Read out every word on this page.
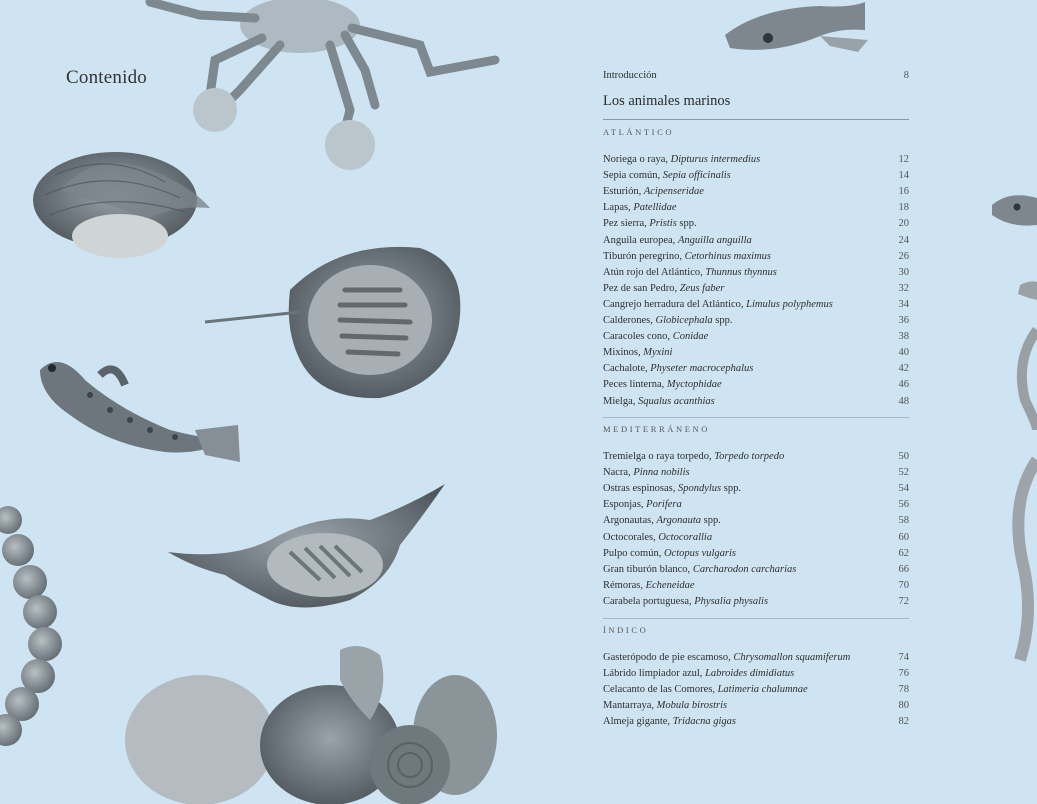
Contenido	Introducción	8
Los animales marinos
ATLÁNTICO
Noriega o raya, Dipturus intermedius	12
Sepia común, Sepia officinalis	14
Esturión, Acipenseridae	16
Lapas, Patellidae	18
Pez sierra, Pristis spp.	20
Anguila europea, Anguilla anguilla	24
Tiburón peregrino, Cetorhinus maximus	26
Atún rojo del Atlántico, Thunnus thynnus	30
Pez de san Pedro, Zeus faber	32
Cangrejo herradura del Atlántico, Limulus polyphemus	34
Calderones, Globicephala spp.	36
Caracoles cono, Conidae	38
Mixinos, Myxini	40
Cachalote, Physeter macrocephalus	42
Peces linterna, Myctophidae	46
Mielga, Squalus acanthias	48
MEDITERRÁNENO
Tremielga o raya torpedo, Torpedo torpedo	50
Nacra, Pinna nobilis	52
Ostras espinosas, Spondylus spp.	54
Esponjas, Porifera	56
Argonautas, Argonauta spp.	58
Octocorales, Octocorallia	60
Pulpo común, Octopus vulgaris	62
Gran tiburón blanco, Carcharodon carcharias	66
Rémoras, Echeneidae	70
Carabela portuguesa, Physalia physalis	72
ÍNDICO
Gasterópodo de pie escamoso, Chrysomallon squamiferum	74
Lábrido limpiador azul, Labroides dimidiatus	76
Celacanto de las Comores, Latimeria chalumnae	78
Mantarraya, Mobula birostris	80
Almeja gigante, Tridacna gigas	82
